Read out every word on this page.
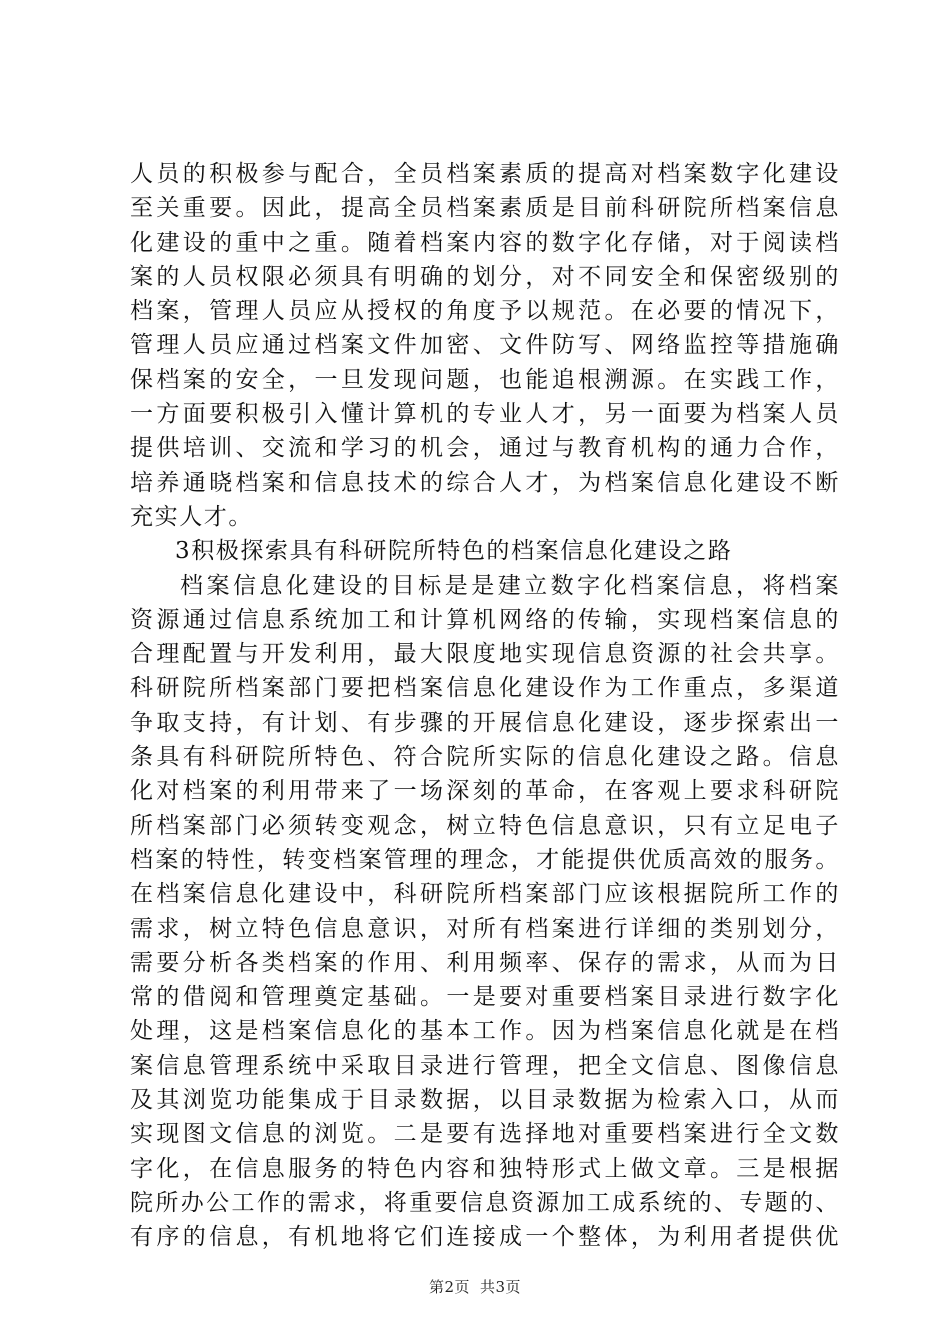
人员的积极参与配合，全员档案素质的提高对档案数字化建设
至关重要。因此，提高全员档案素质是目前科研院所档案信息
化建设的重中之重。随着档案内容的数字化存储，对于阅读档
案的人员权限必须具有明确的划分，对不同安全和保密级别的
档案，管理人员应从授权的角度予以规范。在必要的情况下，
管理人员应通过档案文件加密、文件防写、网络监控等措施确
保档案的安全，一旦发现问题，也能追根溯源。在实践工作，
一方面要积极引入懂计算机的专业人才，另一面要为档案人员
提供培训、交流和学习的机会，通过与教育机构的通力合作，
培养通晓档案和信息技术的综合人才，为档案信息化建设不断
充实人才。
3积极探索具有科研院所特色的档案信息化建设之路
档案信息化建设的目标是是建立数字化档案信息，将档案
资源通过信息系统加工和计算机网络的传输，实现档案信息的
合理配置与开发利用，最大限度地实现信息资源的社会共享。
科研院所档案部门要把档案信息化建设作为工作重点，多渠道
争取支持，有计划、有步骤的开展信息化建设，逐步探索出一
条具有科研院所特色、符合院所实际的信息化建设之路。信息
化对档案的利用带来了一场深刻的革命，在客观上要求科研院
所档案部门必须转变观念，树立特色信息意识，只有立足电子
档案的特性，转变档案管理的理念，才能提供优质高效的服务。
在档案信息化建设中，科研院所档案部门应该根据院所工作的
需求，树立特色信息意识，对所有档案进行详细的类别划分，
需要分析各类档案的作用、利用频率、保存的需求，从而为日
常的借阅和管理奠定基础。一是要对重要档案目录进行数字化
处理，这是档案信息化的基本工作。因为档案信息化就是在档
案信息管理系统中采取目录进行管理，把全文信息、图像信息
及其浏览功能集成于目录数据，以目录数据为检索入口，从而
实现图文信息的浏览。二是要有选择地对重要档案进行全文数
字化，在信息服务的特色内容和独特形式上做文章。三是根据
院所办公工作的需求，将重要信息资源加工成系统的、专题的、
有序的信息，有机地将它们连接成一个整体，为利用者提供优
第2页 共3页
